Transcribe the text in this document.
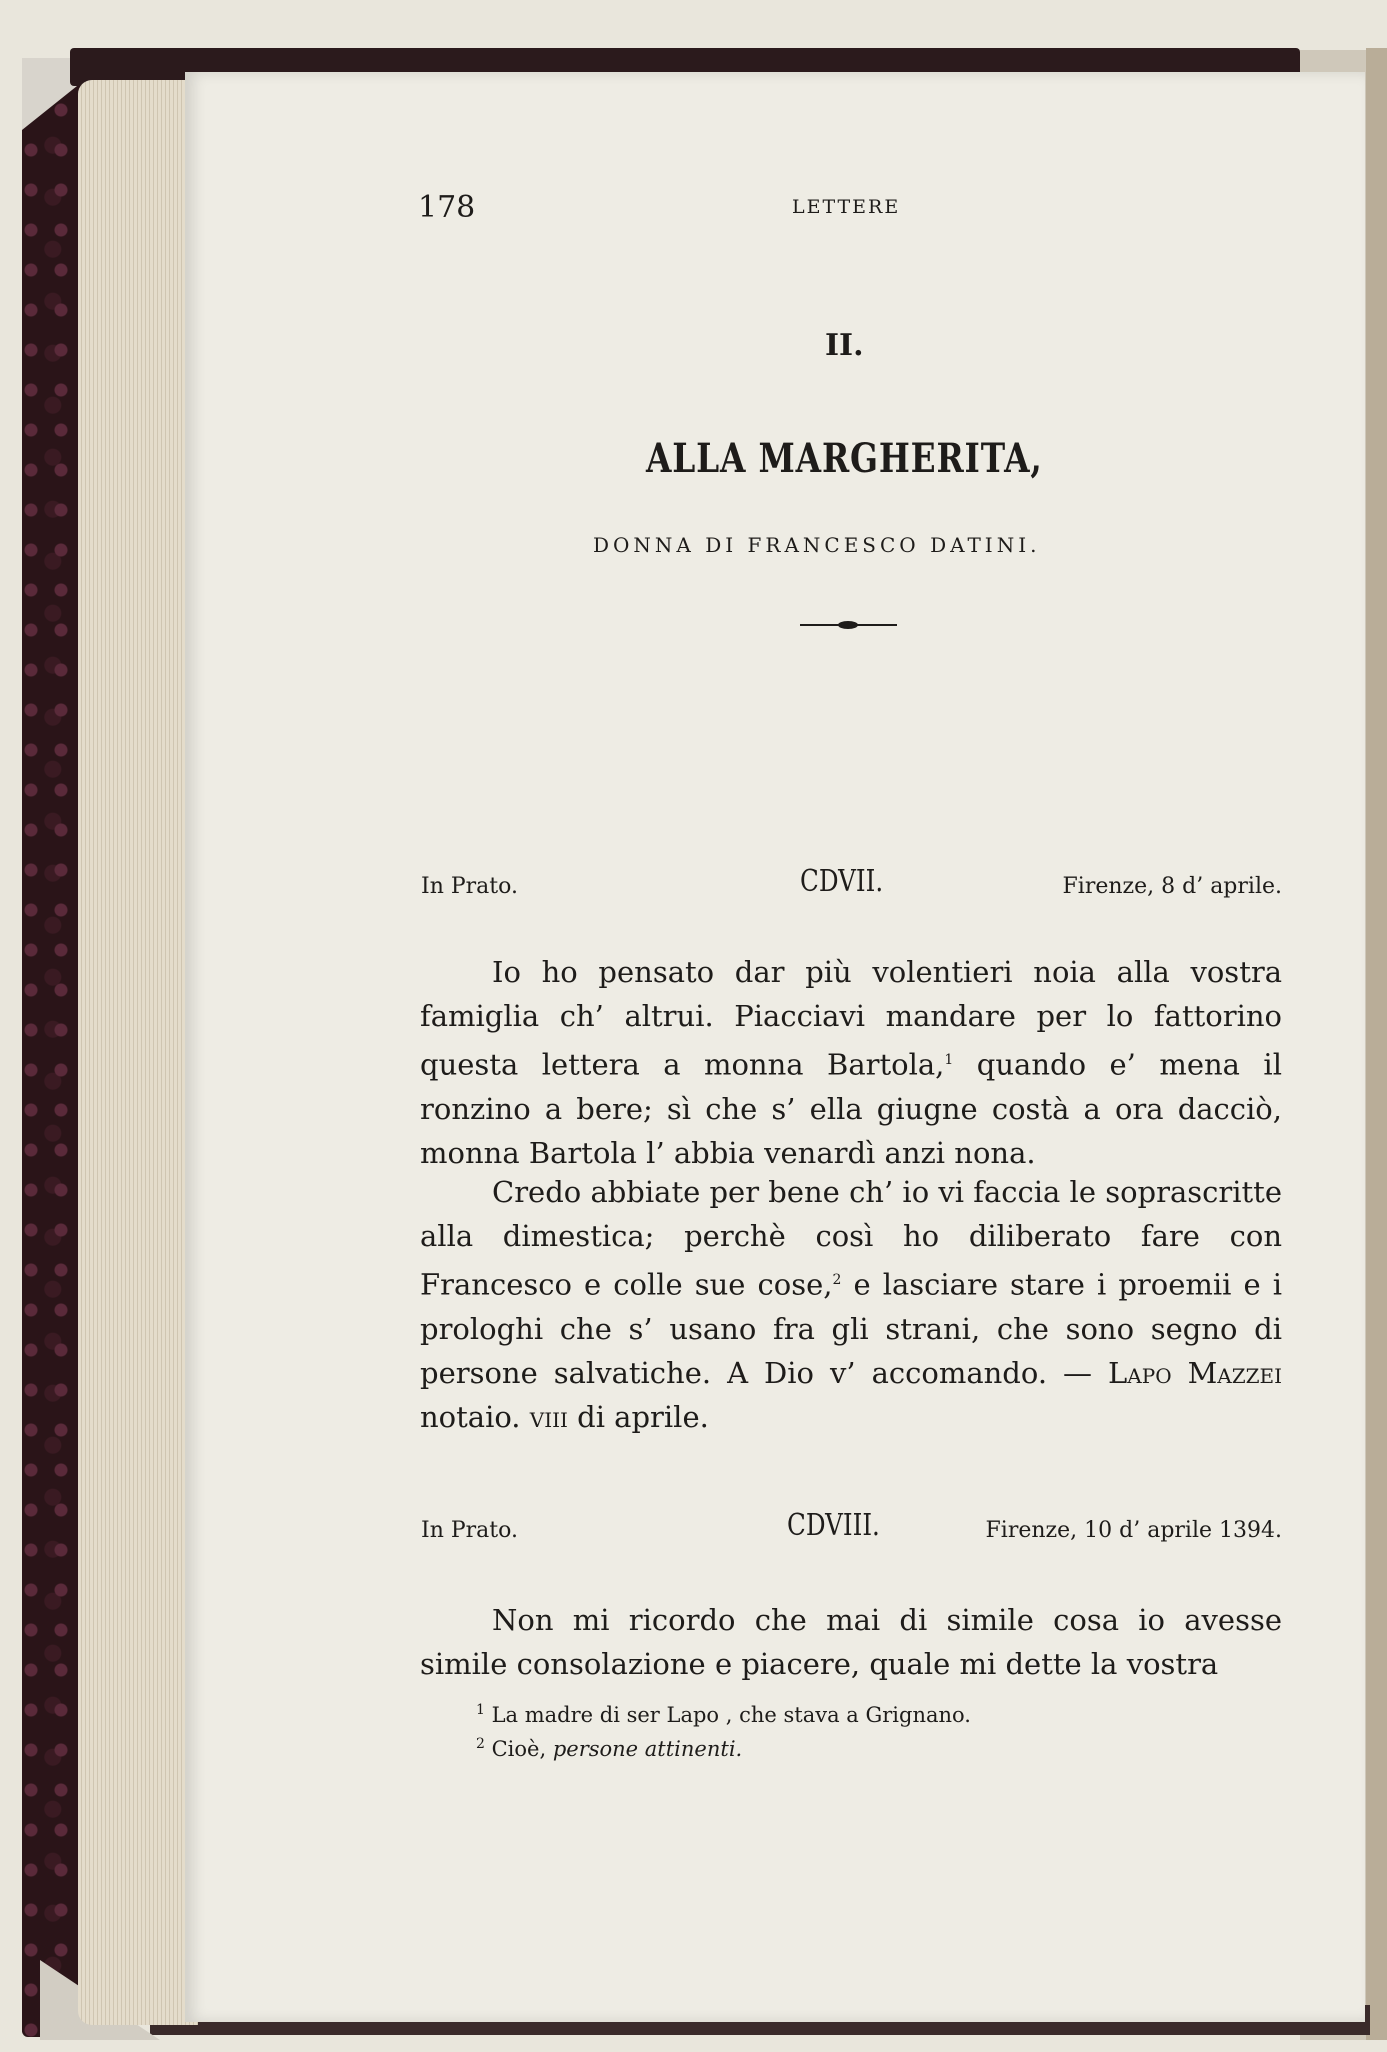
178	LETTERE

II.

ALLA MARGHERITA,

DONNA DI FRANCESCO DATINI.

In Prato.	CDVII.	Firenze, 8 d’ aprile.

Io ho pensato dar più volentieri noia alla vostra famiglia ch’ altrui. Piacciavi mandare per lo fattorino questa lettera a monna Bartola,$^1$ quando e’ mena il ronzino a bere; sì che s’ ella giugne costà a ora dacciò, monna Bartola l’ abbia venardì anzi nona.

Credo abbiate per bene ch’ io vi faccia le soprascritte alla dimestica; perchè così ho diliberato fare con Francesco e colle sue cose,$^2$ e lasciare stare i proemii e i prologhi che s’ usano fra gli strani, che sono segno di persone salvatiche. A Dio v’ accomando. — Lapo Mazzei notaio. viii di aprile.

In Prato.	CDVIII.	Firenze, 10 d’ aprile 1394.

Non mi ricordo che mai di simile cosa io avesse simile consolazione e piacere, quale mi dette la vostra

$^1$ La madre di ser Lapo , che stava a Grignano.

$^2$ Cioè, persone attinenti.
